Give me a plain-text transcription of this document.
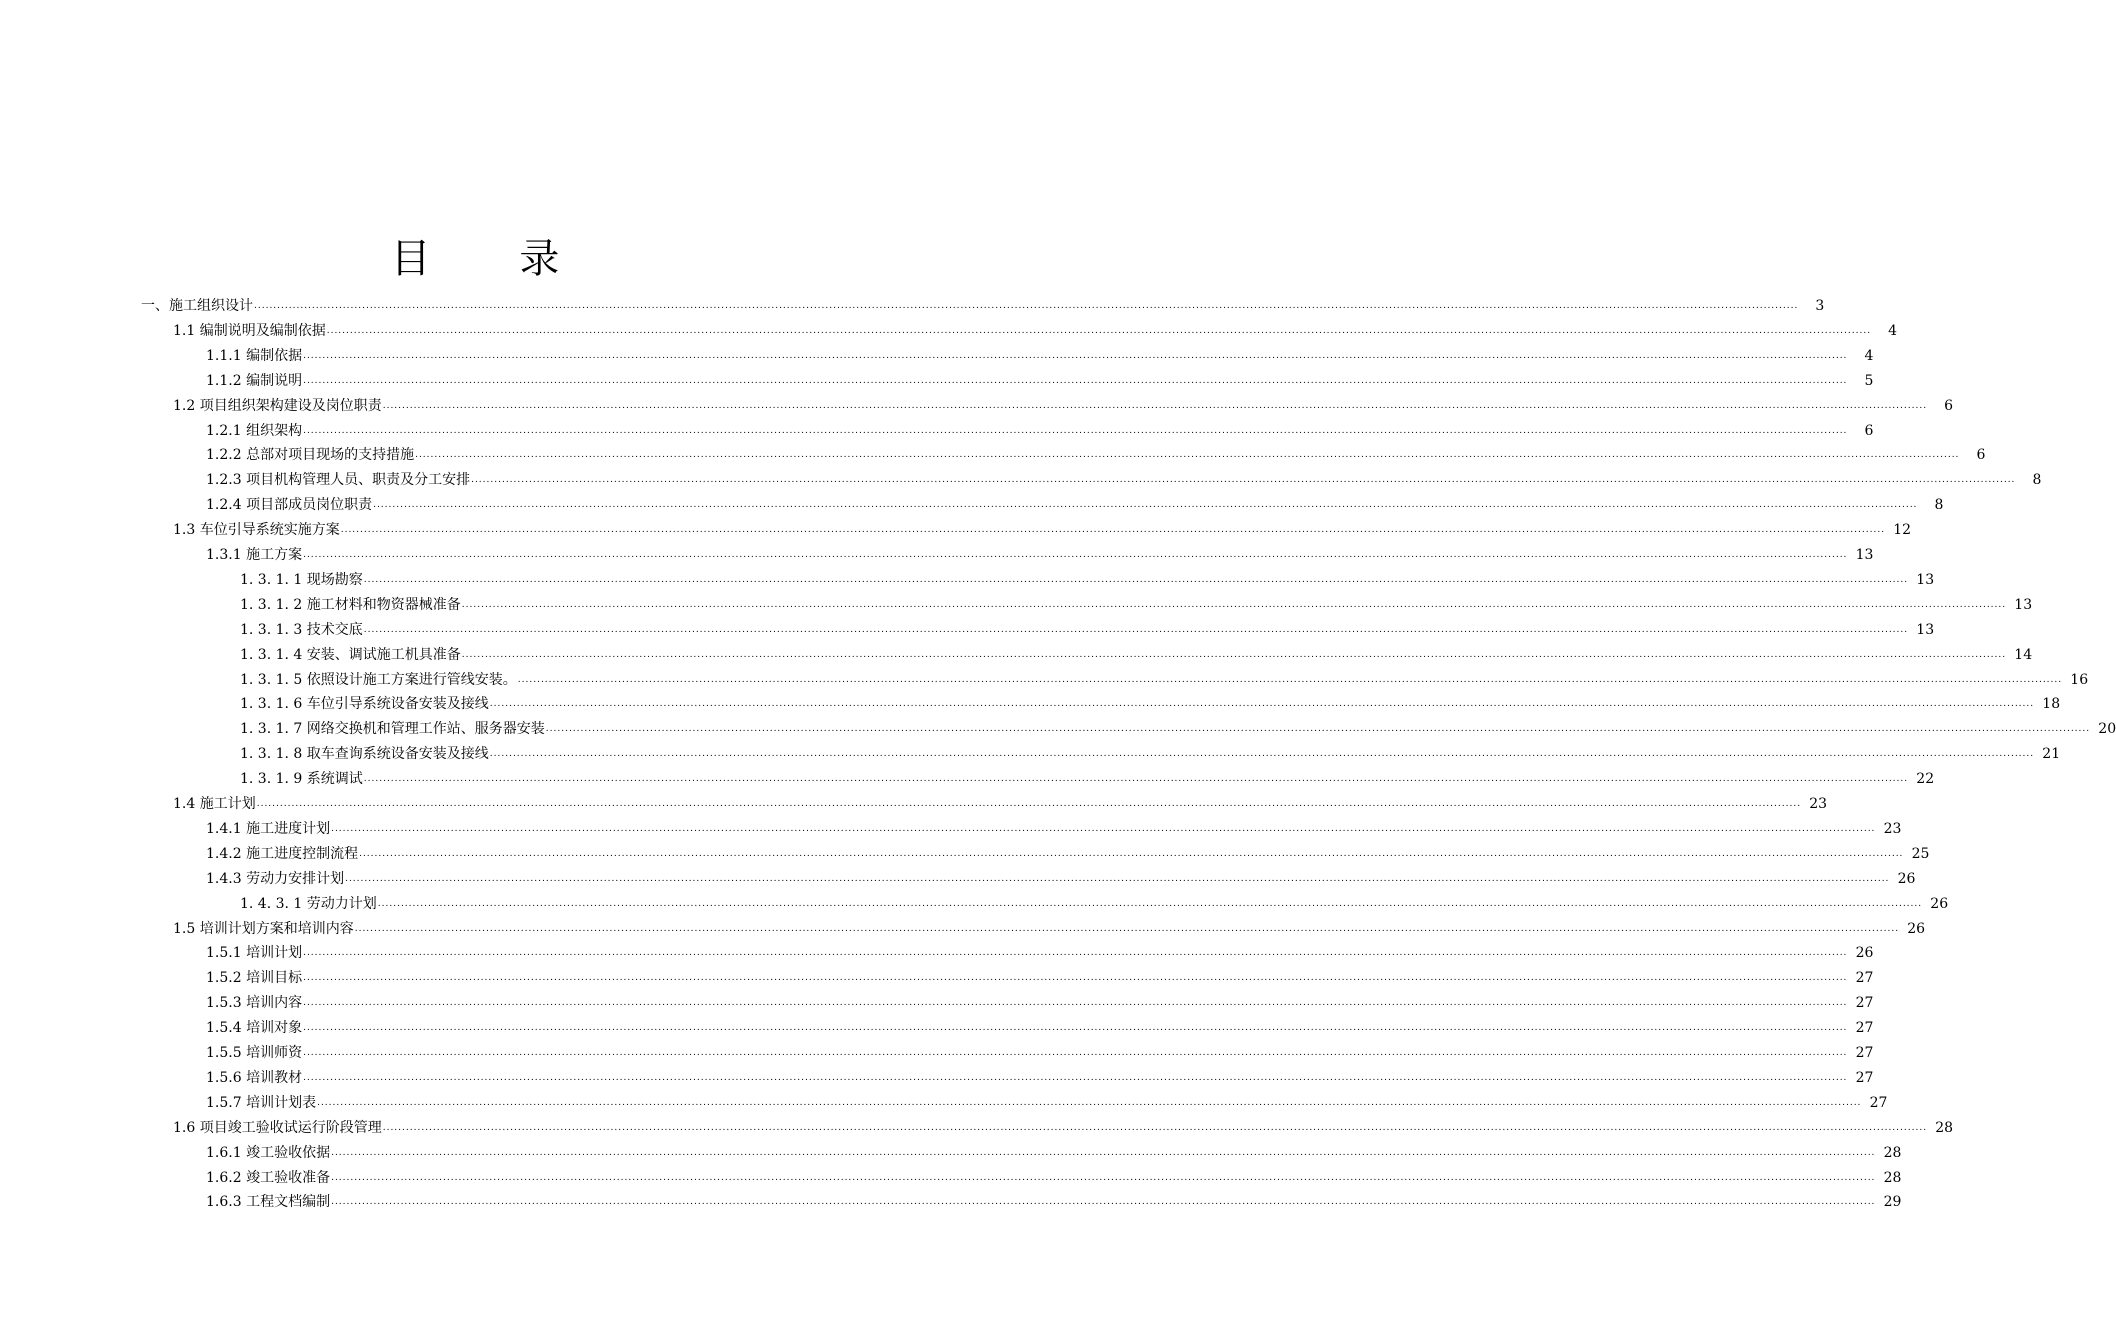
目 录
一、施工组织设计 ................................................................................................................................................................................................................................................................................................................................................................................................................	3
1.1 编制说明及编制依据 ................................................................................................................................................................................................................................................................................................................................................................................................................	4
1.1.1 编制依据 ................................................................................................................................................................................................................................................................................................................................................................................................................	4
1.1.2 编制说明 ................................................................................................................................................................................................................................................................................................................................................................................................................	5
1.2 项目组织架构建设及岗位职责 ................................................................................................................................................................................................................................................................................................................................................................................................................	6
1.2.1 组织架构 ................................................................................................................................................................................................................................................................................................................................................................................................................	6
1.2.2 总部对项目现场的支持措施 ................................................................................................................................................................................................................................................................................................................................................................................................................	6
1.2.3 项目机构管理人员、职责及分工安排 ................................................................................................................................................................................................................................................................................................................................................................................................................	8
1.2.4 项目部成员岗位职责 ................................................................................................................................................................................................................................................................................................................................................................................................................	8
1.3 车位引导系统实施方案 ................................................................................................................................................................................................................................................................................................................................................................................................................ 12
1.3.1 施工方案 ................................................................................................................................................................................................................................................................................................................................................................................................................ 13
1. 3. 1. 1 现场勘察 ................................................................................................................................................................................................................................................................................................................................................................................................................ 13
1. 3. 1. 2 施工材料和物资器械准备 ................................................................................................................................................................................................................................................................................................................................................................................................................ 13
1. 3. 1. 3 技术交底 ................................................................................................................................................................................................................................................................................................................................................................................................................ 13
1. 3. 1. 4 安装、调试施工机具准备 ................................................................................................................................................................................................................................................................................................................................................................................................................ 14
1. 3. 1. 5 依照设计施工方案进行管线安装。 ................................................................................................................................................................................................................................................................................................................................................................................................................ 16
1. 3. 1. 6 车位引导系统设备安装及接线 ................................................................................................................................................................................................................................................................................................................................................................................................................ 18
1. 3. 1. 7 网络交换机和管理工作站、服务器安装 ................................................................................................................................................................................................................................................................................................................................................................................................................ 20
1. 3. 1. 8 取车查询系统设备安装及接线 ................................................................................................................................................................................................................................................................................................................................................................................................................ 21
1. 3. 1. 9 系统调试 ................................................................................................................................................................................................................................................................................................................................................................................................................ 22
1.4 施工计划 ................................................................................................................................................................................................................................................................................................................................................................................................................ 23
1.4.1 施工进度计划 ................................................................................................................................................................................................................................................................................................................................................................................................................ 23
1.4.2 施工进度控制流程 ................................................................................................................................................................................................................................................................................................................................................................................................................ 25
1.4.3 劳动力安排计划 ................................................................................................................................................................................................................................................................................................................................................................................................................ 26
1. 4. 3. 1 劳动力计划 ................................................................................................................................................................................................................................................................................................................................................................................................................ 26
1.5 培训计划方案和培训内容 ................................................................................................................................................................................................................................................................................................................................................................................................................ 26
1.5.1 培训计划 ................................................................................................................................................................................................................................................................................................................................................................................................................ 26
1.5.2 培训目标 ................................................................................................................................................................................................................................................................................................................................................................................................................ 27
1.5.3 培训内容 ................................................................................................................................................................................................................................................................................................................................................................................................................ 27
1.5.4 培训对象 ................................................................................................................................................................................................................................................................................................................................................................................................................ 27
1.5.5 培训师资 ................................................................................................................................................................................................................................................................................................................................................................................................................ 27
1.5.6 培训教材 ................................................................................................................................................................................................................................................................................................................................................................................................................ 27
1.5.7 培训计划表 ................................................................................................................................................................................................................................................................................................................................................................................................................ 27
1.6 项目竣工验收试运行阶段管理 ................................................................................................................................................................................................................................................................................................................................................................................................................ 28
1.6.1 竣工验收依据 ................................................................................................................................................................................................................................................................................................................................................................................................................ 28
1.6.2 竣工验收准备 ................................................................................................................................................................................................................................................................................................................................................................................................................ 28
1.6.3 工程文档编制 ................................................................................................................................................................................................................................................................................................................................................................................................................ 29
